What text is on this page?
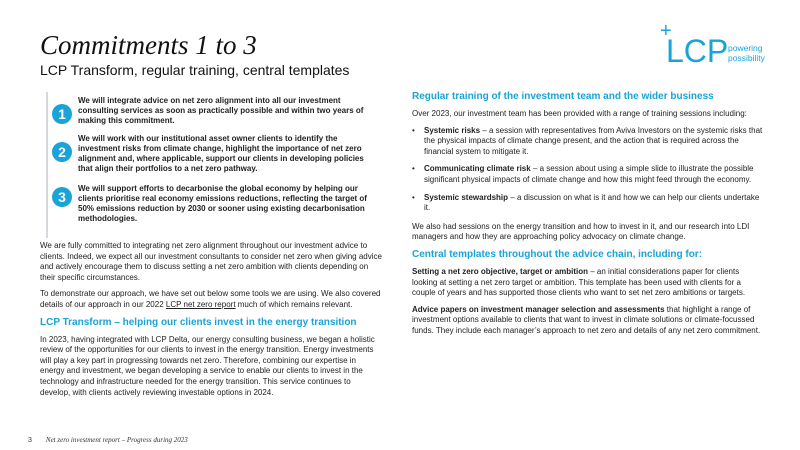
Commitments 1 to 3
LCP Transform, regular training, central templates
+
LCP powering
possibility
1
We will integrate advice on net zero alignment into all our investment consulting services as soon as practically possible and within two years of making this commitment.
2
We will work with our institutional asset owner clients to identify the investment risks from climate change, highlight the importance of net zero alignment and, where applicable, support our clients in developing policies that align their portfolios to a net zero pathway.
3
We will support efforts to decarbonise the global economy by helping our clients prioritise real economy emissions reductions, reflecting the target of 50% emissions reduction by 2030 or sooner using existing decarbonisation methodologies.

We are fully committed to integrating net zero alignment throughout our investment advice to clients. Indeed, we expect all our investment consultants to consider net zero when giving advice and actively encourage them to discuss setting a net zero ambition with clients depending on their specific circumstances.

To demonstrate our approach, we have set out below some tools we are using. We also covered details of our approach in our 2022 LCP net zero report much of which remains relevant.

LCP Transform – helping our clients invest in the energy transition

In 2023, having integrated with LCP Delta, our energy consulting business, we began a holistic review of the opportunities for our clients to invest in the energy transition. Energy investments will play a key part in progressing towards net zero. Therefore, combining our expertise in energy and investment, we began developing a service to enable our clients to invest in the technology and infrastructure needed for the energy transition. This service continues to develop, with clients actively reviewing investable options in 2024.

Regular training of the investment team and the wider business

Over 2023, our investment team has been provided with a range of training sessions including:

• Systemic risks – a session with representatives from Aviva Investors on the systemic risks that the physical impacts of climate change present, and the action that is required across the financial system to mitigate it.
• Communicating climate risk – a session about using a simple slide to illustrate the possible significant physical impacts of climate change and how this might feed through the economy.
• Systemic stewardship – a discussion on what is it and how we can help our clients undertake it.

We also had sessions on the energy transition and how to invest in it, and our research into LDI managers and how they are approaching policy advocacy on climate change.

Central templates throughout the advice chain, including for:

Setting a net zero objective, target or ambition – an initial considerations paper for clients looking at setting a net zero target or ambition. This template has been used with clients for a couple of years and has supported those clients who want to set net zero ambitions or targets.

Advice papers on investment manager selection and assessments that highlight a range of investment options available to clients that want to invest in climate solutions or climate-focussed funds. They include each manager’s approach to net zero and details of any net zero commitment.

3 Net zero investment report – Progress during 2023
